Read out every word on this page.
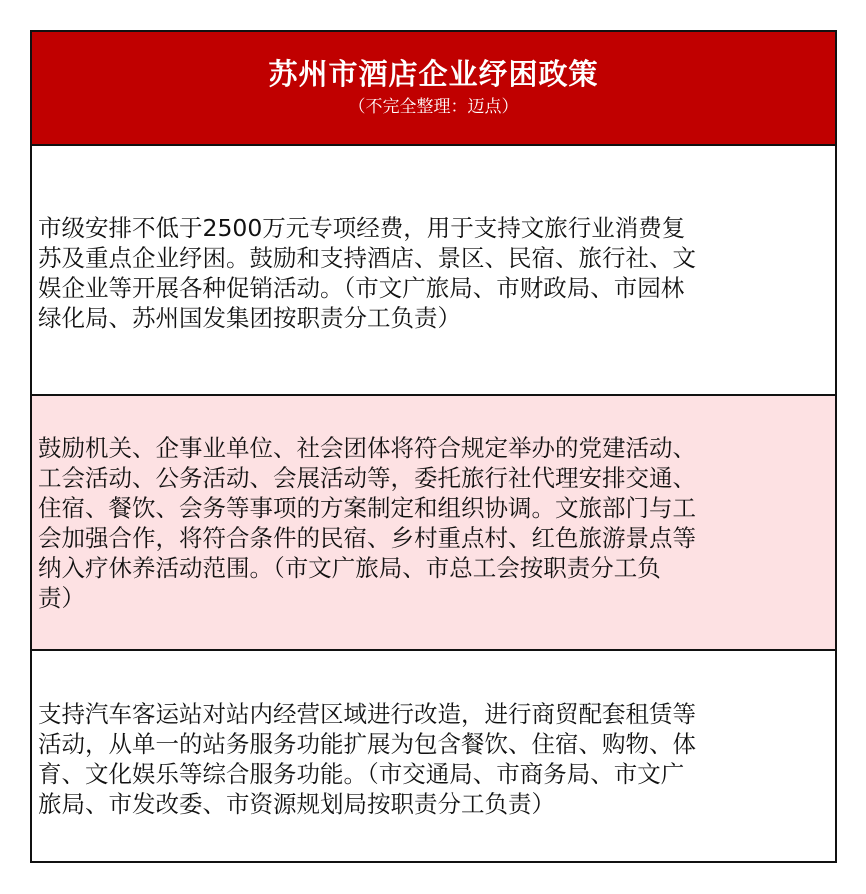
苏州市酒店企业纾困政策
（不完全整理：迈点）
市级安排不低于2500万元专项经费，用于支持文旅行业消费复
苏及重点企业纾困。鼓励和支持酒店、景区、民宿、旅行社、文
娱企业等开展各种促销活动。（市文广旅局、市财政局、市园林
绿化局、苏州国发集团按职责分工负责）
鼓励机关、企事业单位、社会团体将符合规定举办的党建活动、
工会活动、公务活动、会展活动等，委托旅行社代理安排交通、
住宿、餐饮、会务等事项的方案制定和组织协调。文旅部门与工
会加强合作，将符合条件的民宿、乡村重点村、红色旅游景点等
纳入疗休养活动范围。（市文广旅局、市总工会按职责分工负
责）
支持汽车客运站对站内经营区域进行改造，进行商贸配套租赁等
活动，从单一的站务服务功能扩展为包含餐饮、住宿、购物、体
育、文化娱乐等综合服务功能。（市交通局、市商务局、市文广
旅局、市发改委、市资源规划局按职责分工负责）
